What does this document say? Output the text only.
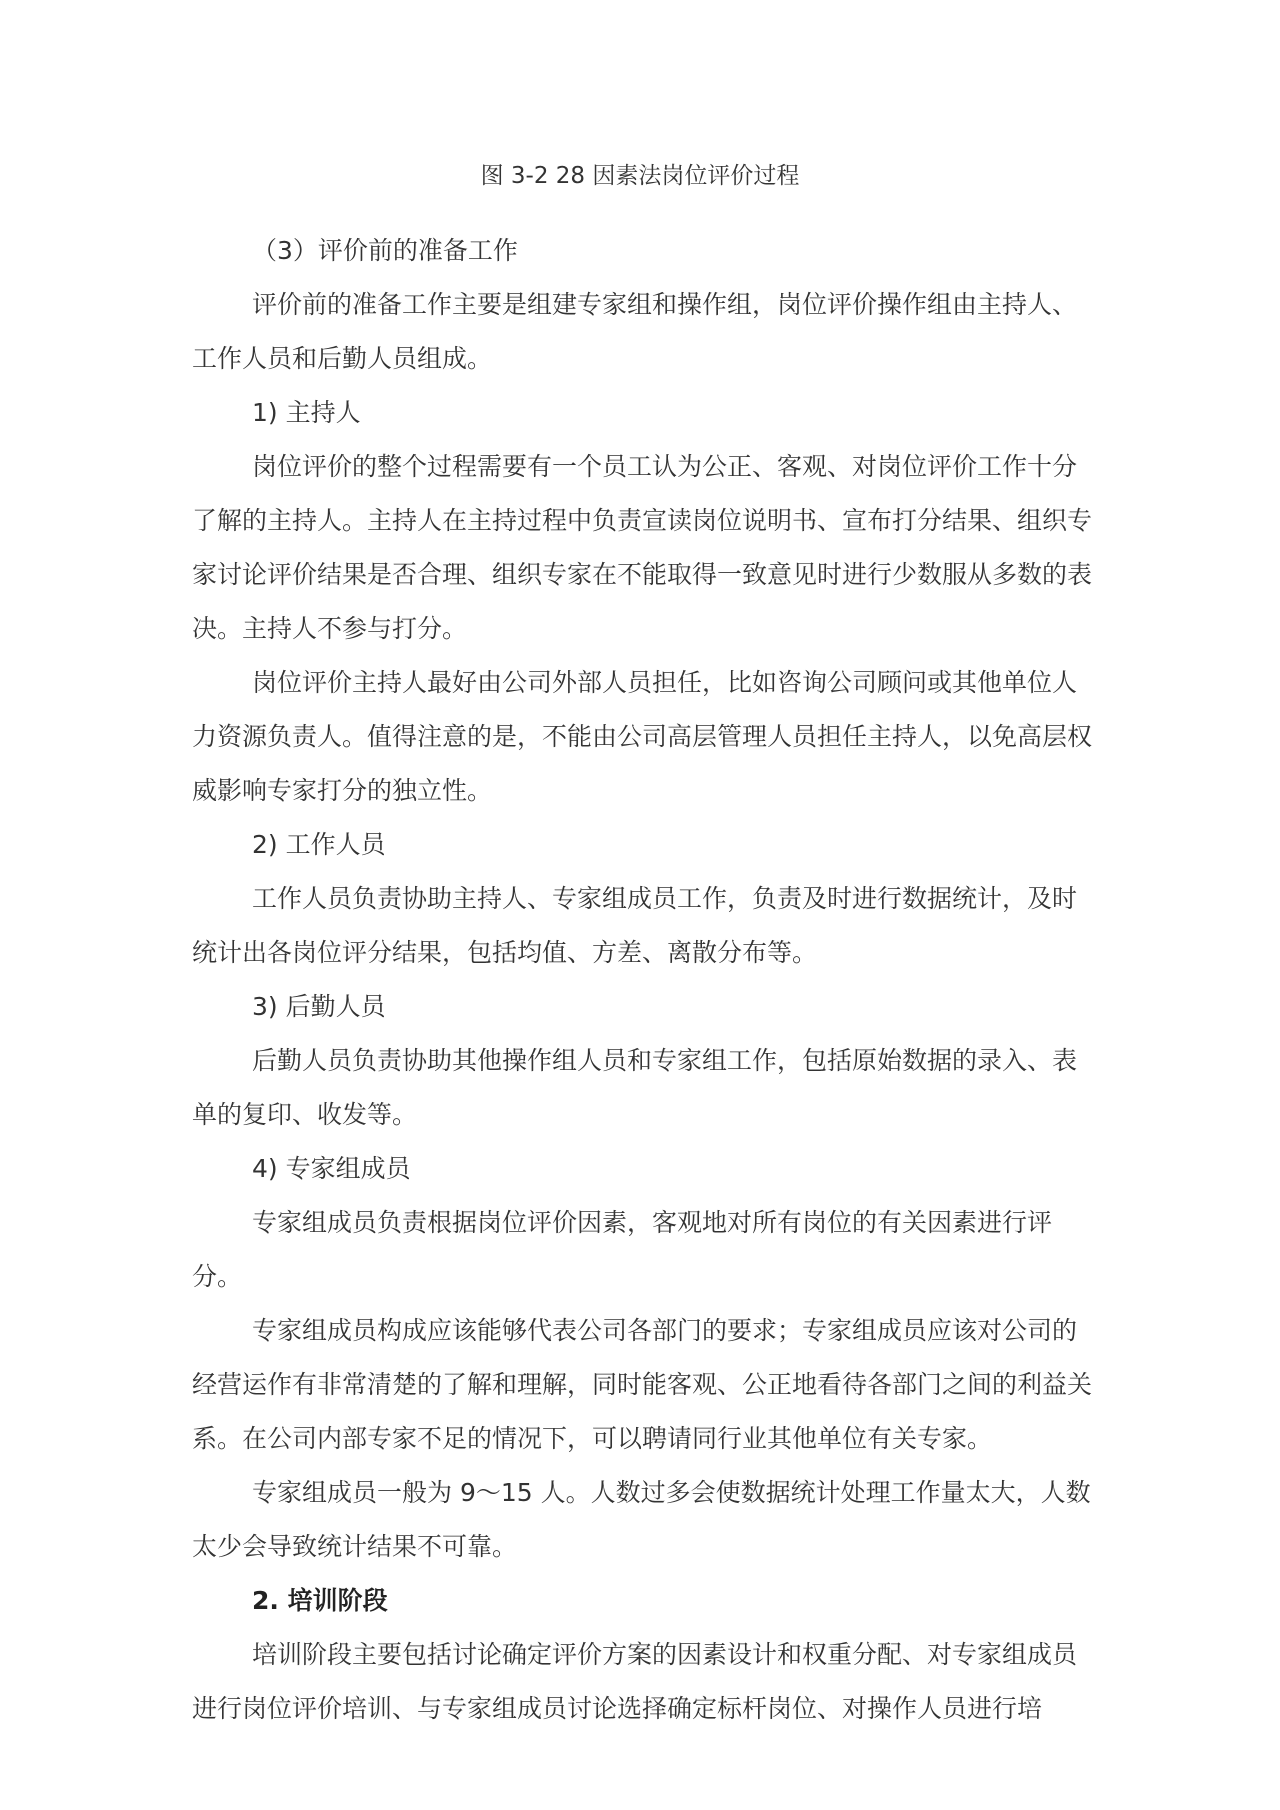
图 3-2 28 因素法岗位评价过程

（3）评价前的准备工作

评价前的准备工作主要是组建专家组和操作组，岗位评价操作组由主持人、工作人员和后勤人员组成。

1) 主持人

岗位评价的整个过程需要有一个员工认为公正、客观、对岗位评价工作十分了解的主持人。主持人在主持过程中负责宣读岗位说明书、宣布打分结果、组织专家讨论评价结果是否合理、组织专家在不能取得一致意见时进行少数服从多数的表决。主持人不参与打分。

岗位评价主持人最好由公司外部人员担任，比如咨询公司顾问或其他单位人力资源负责人。值得注意的是，不能由公司高层管理人员担任主持人，以免高层权威影响专家打分的独立性。

2) 工作人员

工作人员负责协助主持人、专家组成员工作，负责及时进行数据统计，及时统计出各岗位评分结果，包括均值、方差、离散分布等。

3) 后勤人员

后勤人员负责协助其他操作组人员和专家组工作，包括原始数据的录入、表单的复印、收发等。

4) 专家组成员

专家组成员负责根据岗位评价因素，客观地对所有岗位的有关因素进行评分。

专家组成员构成应该能够代表公司各部门的要求；专家组成员应该对公司的经营运作有非常清楚的了解和理解，同时能客观、公正地看待各部门之间的利益关系。在公司内部专家不足的情况下，可以聘请同行业其他单位有关专家。

专家组成员一般为 9～15 人。人数过多会使数据统计处理工作量太大，人数太少会导致统计结果不可靠。

2. 培训阶段

培训阶段主要包括讨论确定评价方案的因素设计和权重分配、对专家组成员进行岗位评价培训、与专家组成员讨论选择确定标杆岗位、对操作人员进行培
